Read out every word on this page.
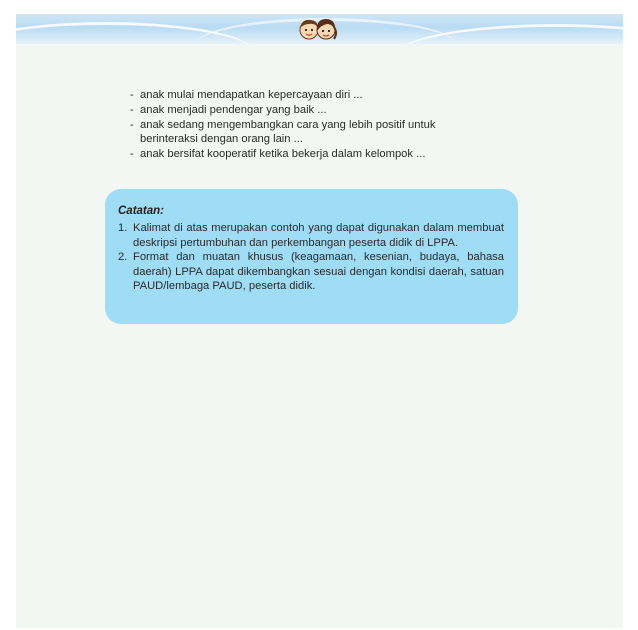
- anak mulai mendapatkan kepercayaan diri ...
- anak menjadi pendengar yang baik ...
- anak sedang mengembangkan cara yang lebih positif untuk berinteraksi dengan orang lain ...
- anak bersifat kooperatif ketika bekerja dalam kelompok ...
Catatan:
1. Kalimat di atas merupakan contoh yang dapat digunakan dalam membuat deskripsi pertumbuhan dan perkembangan peserta didik di LPPA.
2. Format dan muatan khusus (keagamaan, kesenian, budaya, bahasa daerah) LPPA dapat dikembangkan sesuai dengan kondisi daerah, satuan PAUD/lembaga PAUD, peserta didik.
